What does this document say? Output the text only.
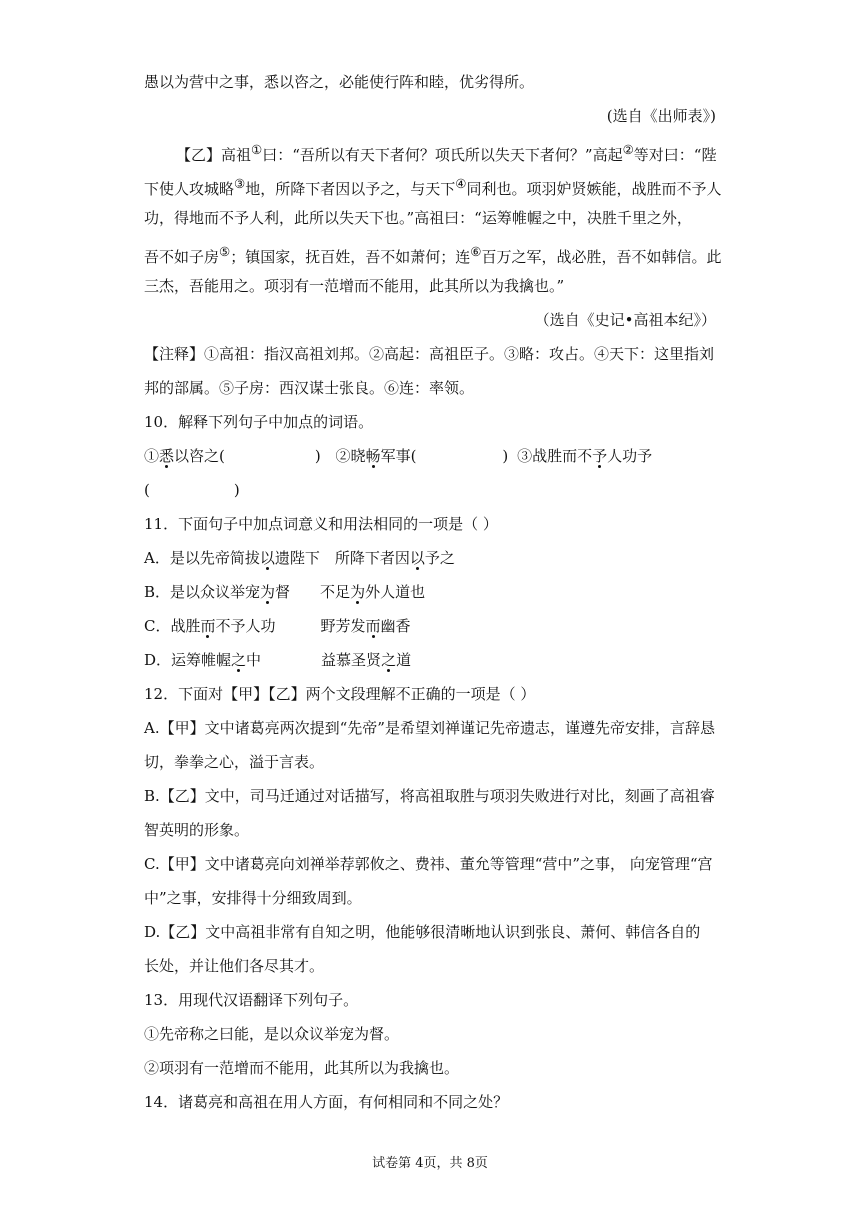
愚以为营中之事，悉以咨之，必能使行阵和睦，优劣得所。
(选自《出师表》)
【乙】高祖①曰：“吾所以有天下者何？项氏所以失天下者何？”高起②等对曰：“陛
下使人攻城略③地，所降下者因以予之，与天下④同利也。项羽妒贤嫉能，战胜而不予人
功，得地而不予人利，此所以失天下也。”高祖曰：“运筹帷幄之中，决胜千里之外，
吾不如子房⑤；镇国家，抚百姓，吾不如萧何；连⑥百万之军，战必胜，吾不如韩信。此
三杰，吾能用之。项羽有一范增而不能用，此其所以为我擒也。”
（选自《史记•高祖本纪》）
【注释】①高祖：指汉高祖刘邦。②高起：高祖臣子。③略：攻占。④天下：这里指刘
邦的部属。⑤子房：西汉谋士张良。⑥连：率领。
10．解释下列句子中加点的词语。
①悉以咨之(	) ②晓畅军事(	) ③战胜而不予人功予
(	)
11．下面句子中加点词意义和用法相同的一项是（ ）
A．是以先帝简拔以遗陛下　所降下者因以予之
B．是以众议举宠为督　　不足为外人道也
C．战胜而不予人功　　　野芳发而幽香
D．运筹帷幄之中　　　　益慕圣贤之道
12．下面对【甲】【乙】两个文段理解不正确的一项是（ ）
A.【甲】文中诸葛亮两次提到“先帝”是希望刘禅谨记先帝遗志，谨遵先帝安排，言辞恳
切，拳拳之心，溢于言表。
B.【乙】文中，司马迁通过对话描写，将高祖取胜与项羽失败进行对比，刻画了高祖睿
智英明的形象。
C.【甲】文中诸葛亮向刘禅举荐郭攸之、费祎、董允等管理“营中”之事， 向宠管理“宫
中”之事，安排得十分细致周到。
D.【乙】文中高祖非常有自知之明，他能够很清晰地认识到张良、萧何、韩信各自的
长处，并让他们各尽其才。
13．用现代汉语翻译下列句子。
①先帝称之曰能，是以众议举宠为督。
②项羽有一范增而不能用，此其所以为我擒也。
14．诸葛亮和高祖在用人方面，有何相同和不同之处？
试卷第 4页，共 8页
